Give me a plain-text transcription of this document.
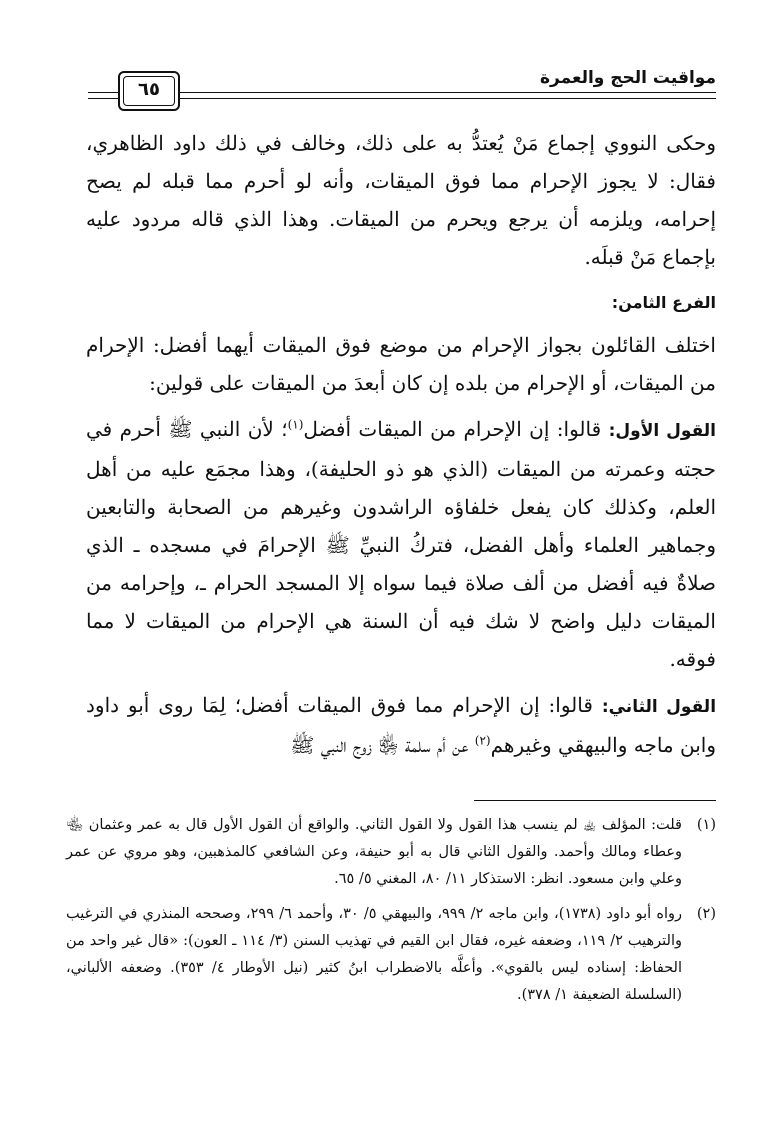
٦٥
مواقيت الحج والعمرة

وحكى النووي إجماع مَنْ يُعتدُّ به على ذلك، وخالف في ذلك داود الظاهري، فقال: لا يجوز الإحرام مما فوق الميقات، وأنه لو أحرم مما قبله لم يصح إحرامه، ويلزمه أن يرجع ويحرم من الميقات. وهذا الذي قاله مردود عليه بإجماع مَنْ قبلَه.

الفرع الثامن:

اختلف القائلون بجواز الإحرام من موضع فوق الميقات أيهما أفضل: الإحرام من الميقات، أو الإحرام من بلده إن كان أبعدَ من الميقات على قولين:

القول الأول: قالوا: إن الإحرام من الميقات أفضل$^{(١)}$؛ لأن النبي ﷺ أحرم في حجته وعمرته من الميقات (الذي هو ذو الحليفة)، وهذا مجمَع عليه من أهل العلم، وكذلك كان يفعل خلفاؤه الراشدون وغيرهم من الصحابة والتابعين وجماهير العلماء وأهل الفضل، فتركُ النبيِّ ﷺ الإحرامَ في مسجده ـ الذي صلاةٌ فيه أفضل من ألف صلاة فيما سواه إلا المسجد الحرام ـ، وإحرامه من الميقات دليل واضح لا شك فيه أن السنة هي الإحرام من الميقات لا مما فوقه.

القول الثاني: قالوا: إن الإحرام مما فوق الميقات أفضل؛ لِمَا روى أبو داود وابن ماجه والبيهقي وغيرهم$^{(٢)}$ عن أم سلمة ﵂ زوج النبي ﷺ

(١)
قلت: المؤلف ﵀ لم ينسب هذا القول ولا القول الثاني. والواقع أن القول الأول قال به عمر وعثمان ﵄ وعطاء ومالك وأحمد. والقول الثاني قال به أبو حنيفة، وعن الشافعي كالمذهبين، وهو مروي عن عمر وعلي وابن مسعود. انظر: الاستذكار ١١/ ٨٠، المغني ٥/ ٦٥.
(٢)
رواه أبو داود (١٧٣٨)، وابن ماجه ٢/ ٩٩٩، والبيهقي ٥/ ٣٠، وأحمد ٦/ ٢٩٩، وصححه المنذري في الترغيب والترهيب ٢/ ١١٩، وضعفه غيره، فقال ابن القيم في تهذيب السنن (٣/ ١١٤ ـ العون): «قال غير واحد من الحفاظ: إسناده ليس بالقوي». وأعلَّه بالاضطراب ابنُ كثير (نيل الأوطار ٤/ ٣٥٣). وضعفه الألباني، (السلسلة الضعيفة ١/ ٣٧٨).
